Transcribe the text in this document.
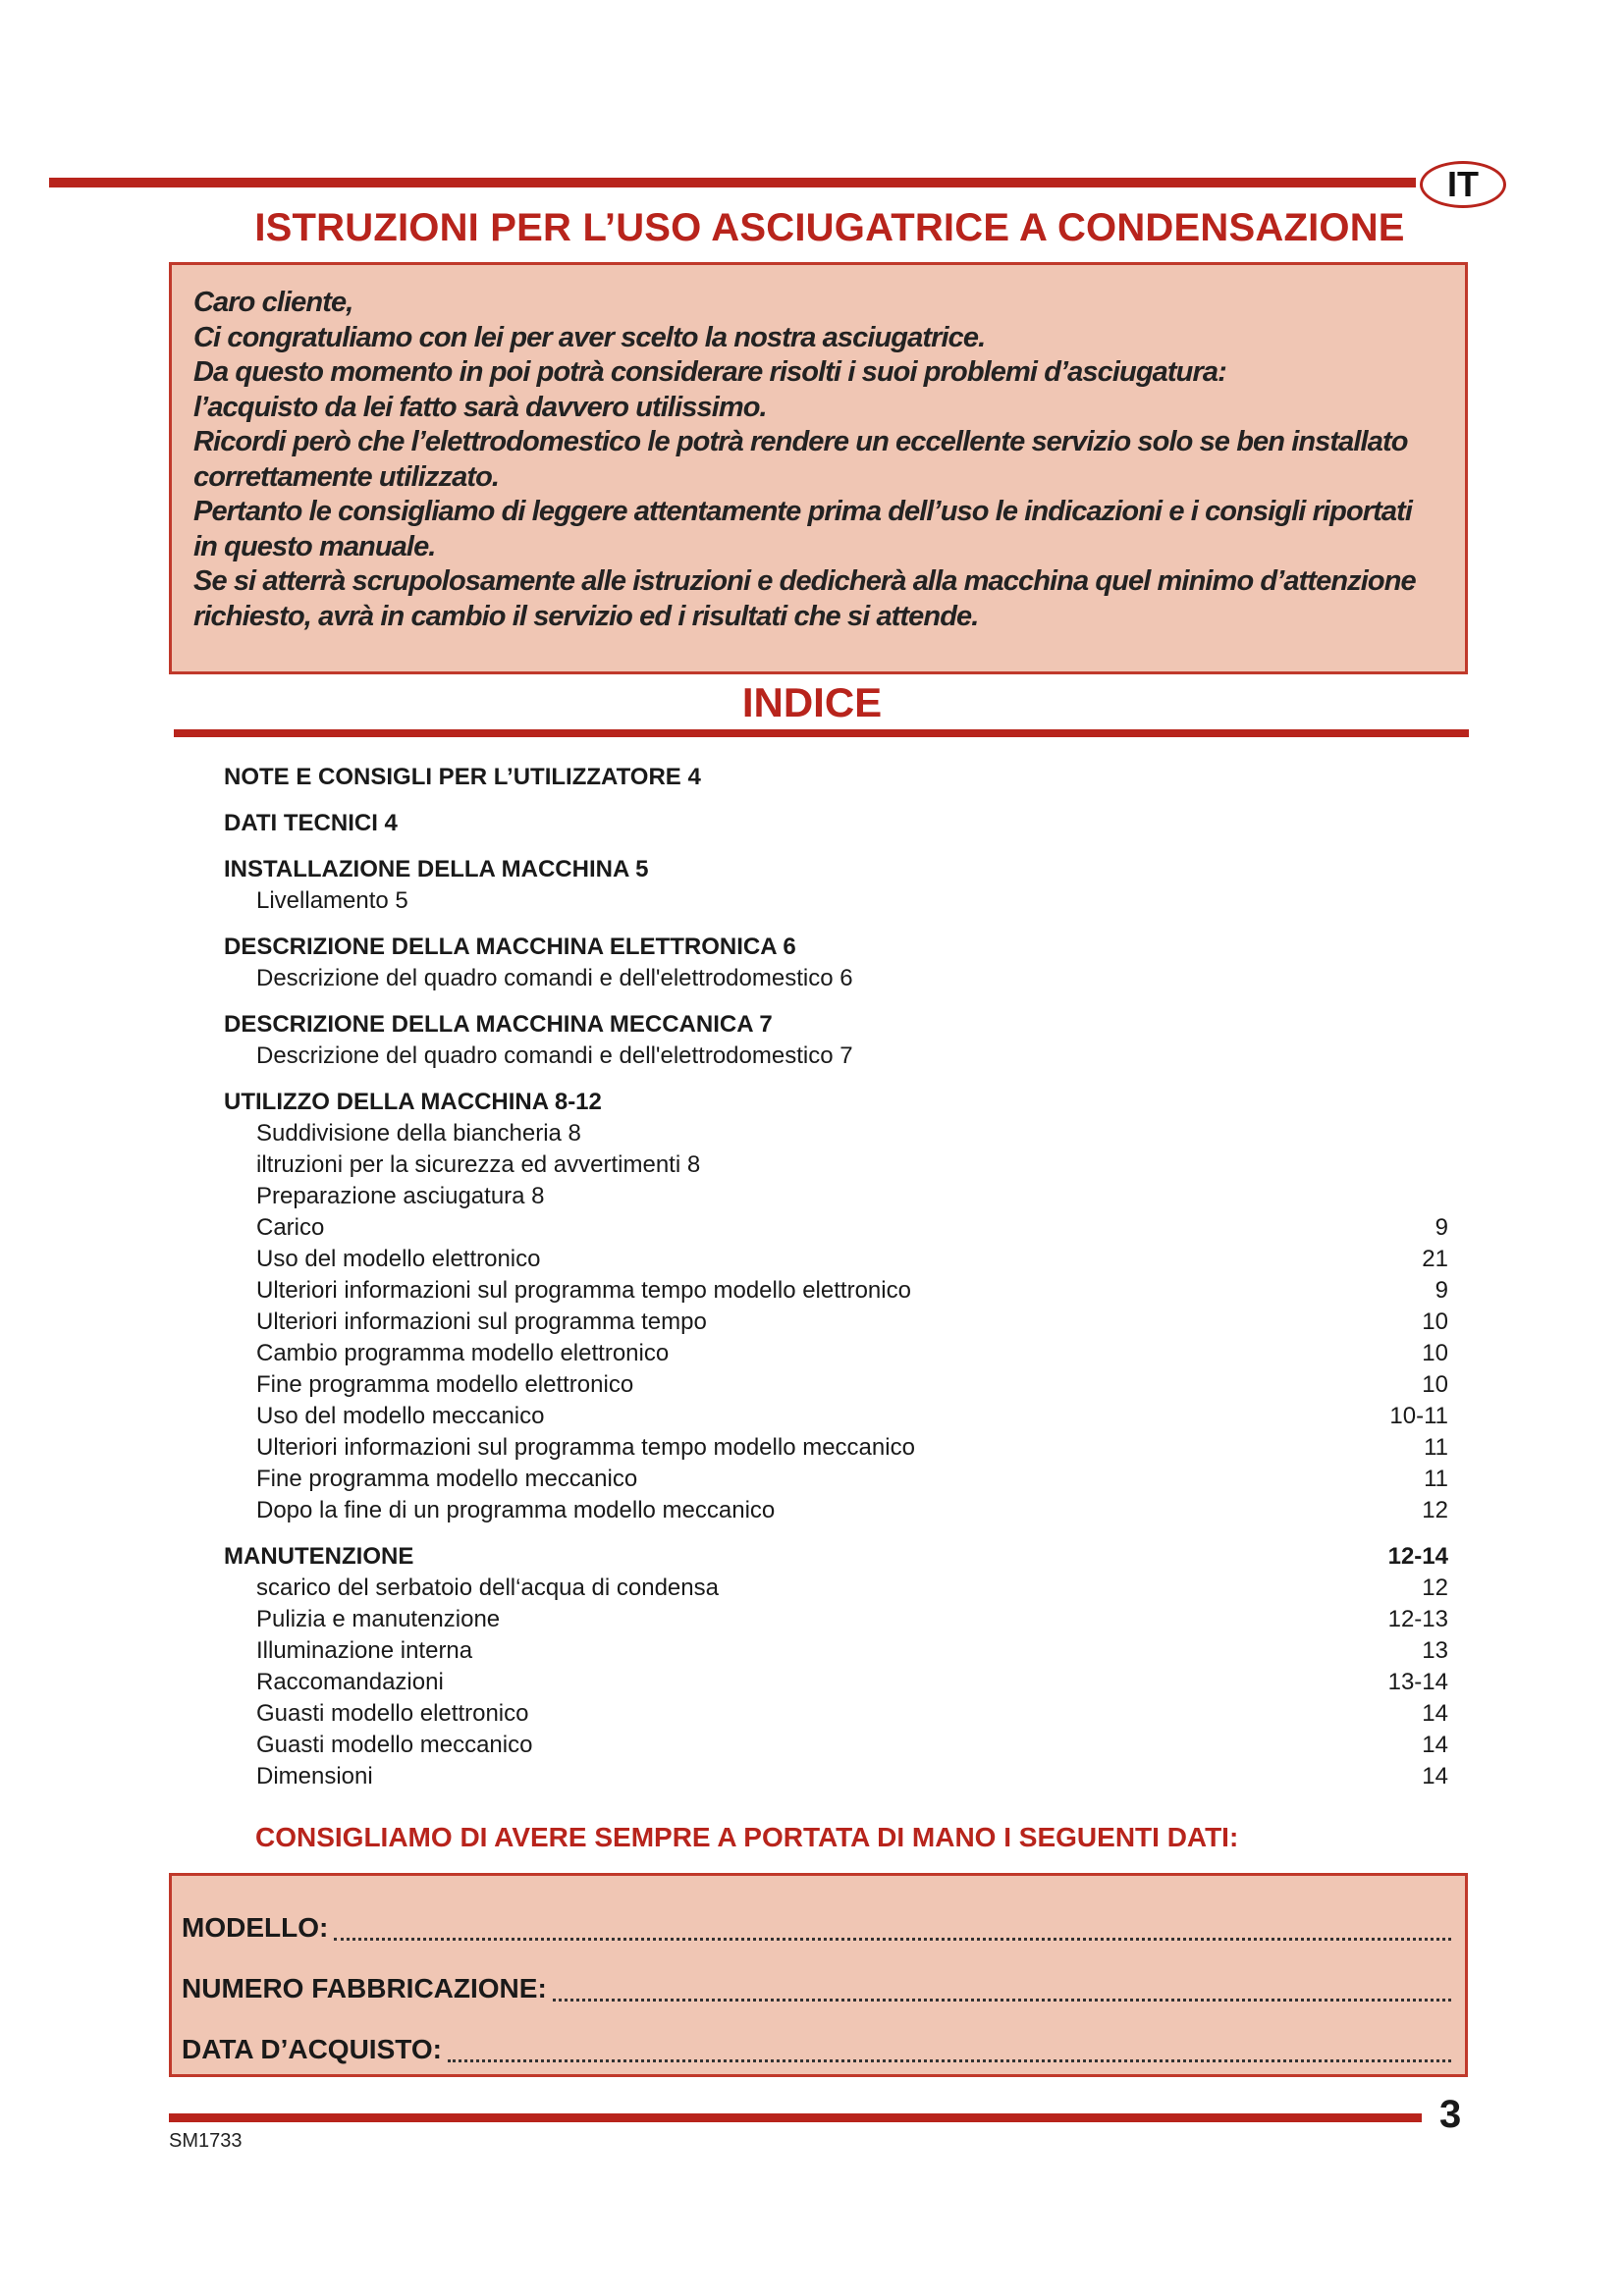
IT
ISTRUZIONI PER L’USO ASCIUGATRICE A CONDENSAZIONE

Caro cliente,

Ci congratuliamo con lei per aver scelto la nostra asciugatrice.

Da questo momento in poi potrà considerare risolti i suoi problemi d’asciugatura:

l’acquisto da lei fatto sarà davvero utilissimo.

Ricordi però che l’elettrodomestico le potrà rendere un eccellente servizio solo se ben installato

correttamente utilizzato.

Pertanto le consigliamo di leggere attentamente prima dell’uso le indicazioni e i consigli riportati

in questo manuale.

Se si atterrà scrupolosamente alle istruzioni e dedicherà alla macchina quel minimo d’attenzione

richiesto, avrà in cambio il servizio ed i risultati che si attende.

INDICE
NOTE E CONSIGLI PER L’UTILIZZATORE 4
DATI TECNICI 4
INSTALLAZIONE DELLA MACCHINA 5
Livellamento 5
DESCRIZIONE DELLA MACCHINA ELETTRONICA 6
Descrizione del quadro comandi e dell'elettrodomestico 6
DESCRIZIONE DELLA MACCHINA MECCANICA 7
Descrizione del quadro comandi e dell'elettrodomestico 7
UTILIZZO DELLA MACCHINA 8-12
Suddivisione della biancheria 8
iltruzioni per la sicurezza ed avvertimenti 8
Preparazione asciugatura 8
Carico	9
Uso del modello elettronico	21
Ulteriori informazioni sul programma tempo modello elettronico	9
Ulteriori informazioni sul programma tempo	10
Cambio programma modello elettronico	10
Fine programma modello elettronico	10
Uso del modello meccanico	10-11
Ulteriori informazioni sul programma tempo modello meccanico	11
Fine programma modello meccanico	11
Dopo la fine di un programma modello meccanico	12
MANUTENZIONE	12-14
scarico del serbatoio dell‘acqua di condensa	12
Pulizia e manutenzione	12-13
Illuminazione interna	13
Raccomandazioni	13-14
Guasti modello elettronico	14
Guasti modello meccanico	14
Dimensioni	14
CONSIGLIAMO DI AVERE SEMPRE A PORTATA DI MANO I SEGUENTI DATI:
MODELLO:
NUMERO FABBRICAZIONE:
DATA D’ACQUISTO:
3
SM1733
